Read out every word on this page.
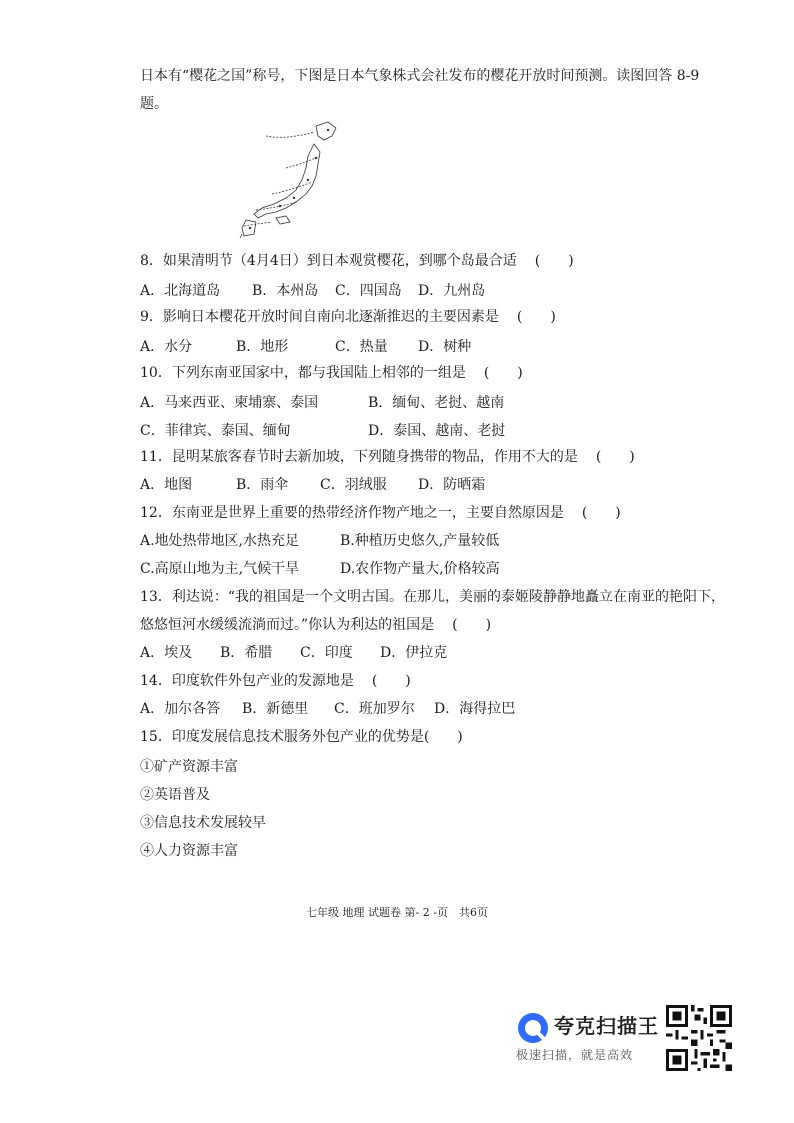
日本有“樱花之国”称号，下图是日本气象株式会社发布的樱花开放时间预测。读图回答 8-9题。
8．如果清明节（4月4日）到日本观赏樱花，到哪个岛最合适 (　　)
A．北海道岛 B．本州岛 C．四国岛 D．九州岛
9．影响日本樱花开放时间自南向北逐渐推迟的主要因素是 (　　)
A．水分	B．地形	C．热量 D．树种
10．下列东南亚国家中，都与我国陆上相邻的一组是 (　　)
A．马来西亚、柬埔寨、泰国	B．缅甸、老挝、越南
C．菲律宾、泰国、缅甸	D．泰国、越南、老挝
11．昆明某旅客春节时去新加坡，下列随身携带的物品，作用不大的是 (　　)
A．地图	B．雨伞 C．羽绒服 D．防晒霜
12．东南亚是世界上重要的热带经济作物产地之一，主要自然原因是 (　　)
A.地处热带地区,水热充足	B.种植历史悠久,产量较低
C.高原山地为主,气候干旱	D.农作物产量大,价格较高
13．利达说：“我的祖国是一个文明古国。在那儿，美丽的泰姬陵静静地矗立在南亚的艳阳下，
悠悠恒河水缓缓流淌而过。”你认为利达的祖国是 (　　)
A．埃及 B．希腊 C．印度 D．伊拉克
14．印度软件外包产业的发源地是 (　　)
A．加尔各答 B．新德里 C．班加罗尔 D．海得拉巴
15．印度发展信息技术服务外包产业的优势是(　　)
①矿产资源丰富
②英语普及
③信息技术发展较早
④人力资源丰富
七年级 地理 试题卷 第- 2 -页　共6页
夸克扫描王
极速扫描，就是高效
